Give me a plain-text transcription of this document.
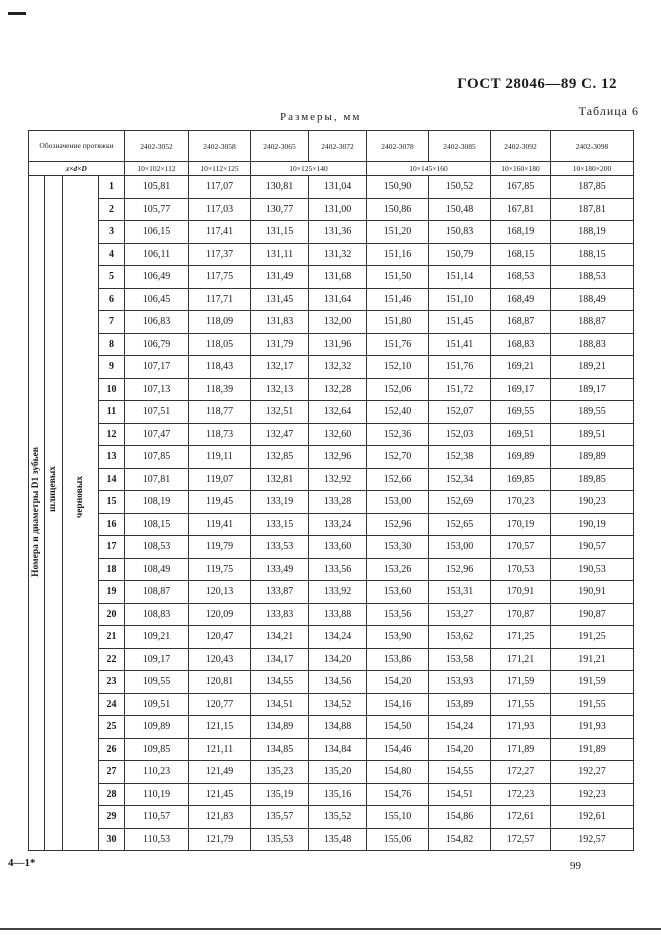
ГОСТ 28046—89 С. 12
Размеры, мм	Таблица 6
Обозначение протяжки				2402-3052	2402-3058	2402-3065	2402-3072	2402-3078	2402-3085	2402-3092	2402-3098
z×d×D				10×102×112	10×112×125	10×125×140		10×145×160		10×160×180	10×180×200
Номера и диаметры D1 зубьев	шлицевых	черновых	1	105,81	117,07	130,81	131,04	150,90	150,52	167,85	187,85
			2	105,77	117,03	130,77	131,00	150,86	150,48	167,81	187,81
			3	106,15	117,41	131,15	131,36	151,20	150,83	168,19	188,19
			4	106,11	117,37	131,11	131,32	151,16	150,79	168,15	188,15
			5	106,49	117,75	131,49	131,68	151,50	151,14	168,53	188,53
			6	106,45	117,71	131,45	131,64	151,46	151,10	168,49	188,49
			7	106,83	118,09	131,83	132,00	151,80	151,45	168,87	188,87
			8	106,79	118,05	131,79	131,96	151,76	151,41	168,83	188,83
			9	107,17	118,43	132,17	132,32	152,10	151,76	169,21	189,21
			10	107,13	118,39	132,13	132,28	152,06	151,72	169,17	189,17
			11	107,51	118,77	132,51	132,64	152,40	152,07	169,55	189,55
			12	107,47	118,73	132,47	132,60	152,36	152,03	169,51	189,51
			13	107,85	119,11	132,85	132,96	152,70	152,38	169,89	189,89
			14	107,81	119,07	132,81	132,92	152,66	152,34	169,85	189,85
			15	108,19	119,45	133,19	133,28	153,00	152,69	170,23	190,23
			16	108,15	119,41	133,15	133,24	152,96	152,65	170,19	190,19
			17	108,53	119,79	133,53	133,60	153,30	153,00	170,57	190,57
			18	108,49	119,75	133,49	133,56	153,26	152,96	170,53	190,53
			19	108,87	120,13	133,87	133,92	153,60	153,31	170,91	190,91
			20	108,83	120,09	133,83	133,88	153,56	153,27	170,87	190,87
			21	109,21	120,47	134,21	134,24	153,90	153,62	171,25	191,25
			22	109,17	120,43	134,17	134,20	153,86	153,58	171,21	191,21
			23	109,55	120,81	134,55	134,56	154,20	153,93	171,59	191,59
			24	109,51	120,77	134,51	134,52	154,16	153,89	171,55	191,55
			25	109,89	121,15	134,89	134,88	154,50	154,24	171,93	191,93
			26	109,85	121,11	134,85	134,84	154,46	154,20	171,89	191,89
			27	110,23	121,49	135,23	135,20	154,80	154,55	172,27	192,27
			28	110,19	121,45	135,19	135,16	154,76	154,51	172,23	192,23
			29	110,57	121,83	135,57	135,52	155,10	154,86	172,61	192,61
			30	110,53	121,79	135,53	135,48	155,06	154,82	172,57	192,57
4—1*	99
